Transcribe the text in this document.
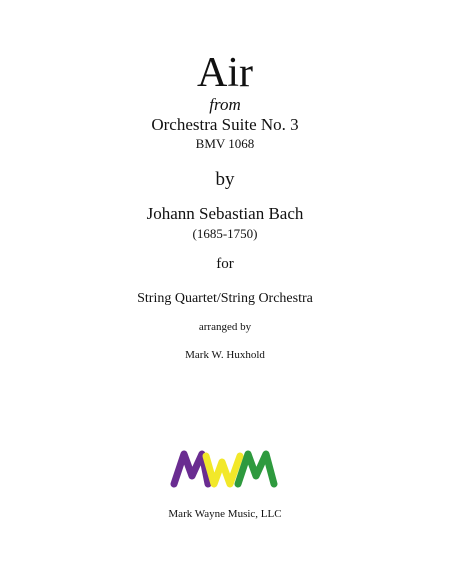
Air
from
Orchestra Suite No. 3
BMV 1068
by
Johann Sebastian Bach
(1685-1750)
for
String Quartet/String Orchestra
arranged by
Mark W. Huxhold
Mark Wayne Music, LLC
